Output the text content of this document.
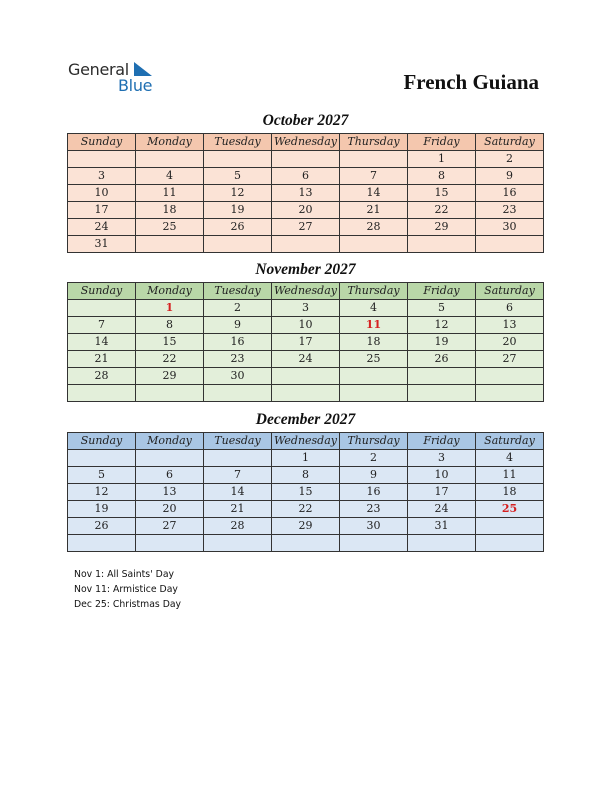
General
Blue	French Guiana
October 2027
Sunday	Monday	Tuesday	Wednesday	Thursday	Friday	Saturday
					1	2
3	4	5	6	7	8	9
10	11	12	13	14	15	16
17	18	19	20	21	22	23
24	25	26	27	28	29	30
31						
November 2027
Sunday	Monday	Tuesday	Wednesday	Thursday	Friday	Saturday
	1	2	3	4	5	6
7	8	9	10	11	12	13
14	15	16	17	18	19	20
21	22	23	24	25	26	27
28	29	30				

December 2027
Sunday	Monday	Tuesday	Wednesday	Thursday	Friday	Saturday
			1	2	3	4
5	6	7	8	9	10	11
12	13	14	15	16	17	18
19	20	21	22	23	24	25
26	27	28	29	30	31	

Nov 1: All Saints' Day
Nov 11: Armistice Day
Dec 25: Christmas Day
